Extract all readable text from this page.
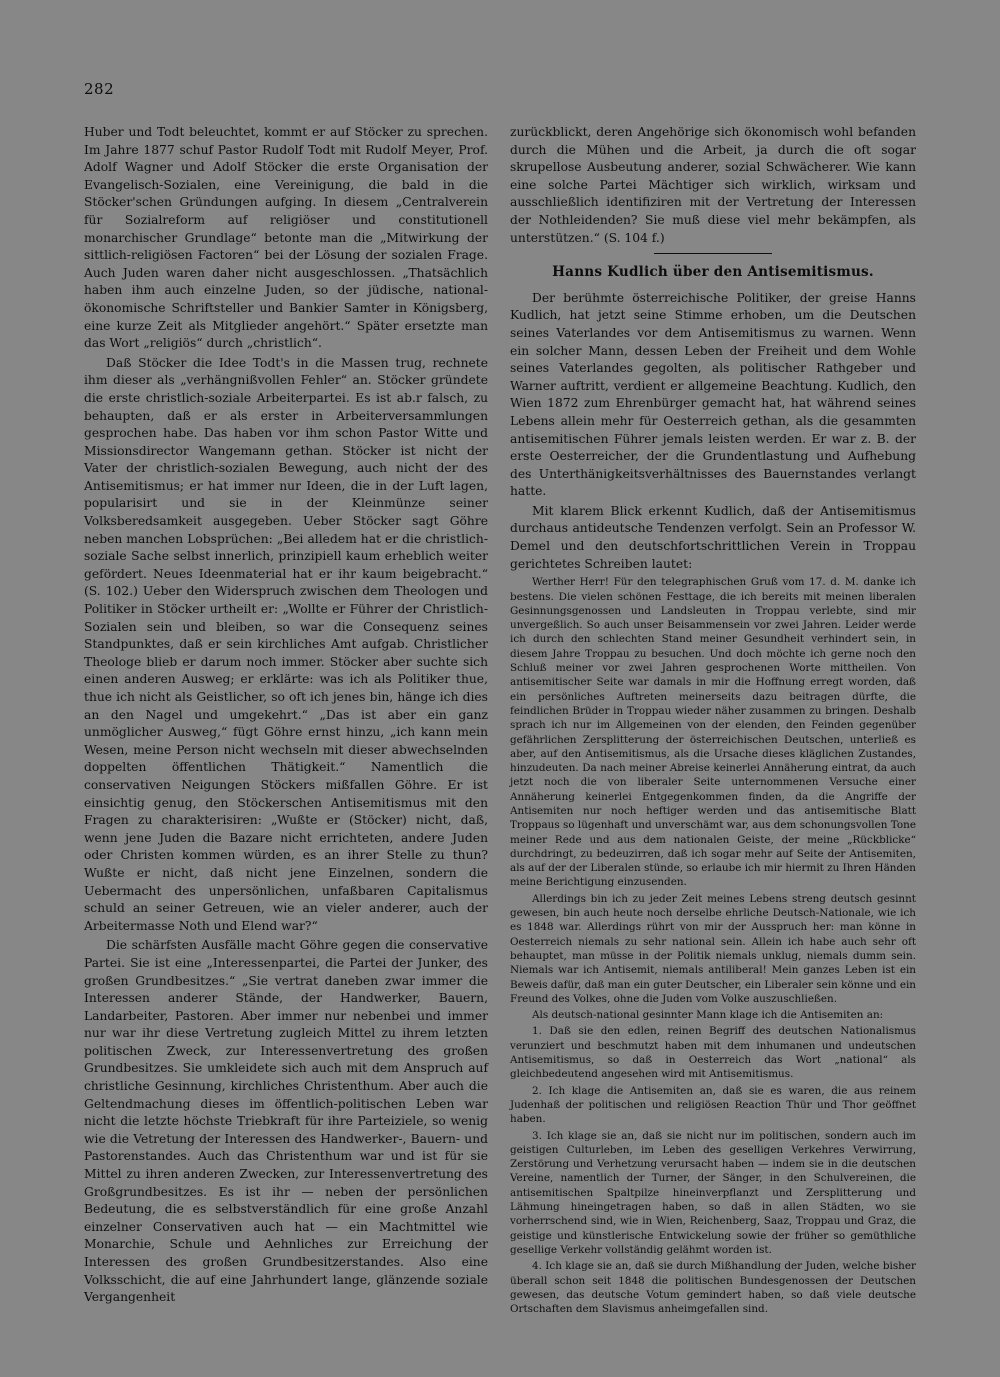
282

Huber und Todt beleuchtet, kommt er auf Stöcker zu sprechen. Im Jahre 1877 schuf Pastor Rudolf Todt mit Rudolf Meyer, Prof. Adolf Wagner und Adolf Stöcker die erste Organisation der Evangelisch-Sozialen, eine Vereinigung, die bald in die Stöcker'schen Gründungen aufging. In diesem „Centralverein für Sozialreform auf religiöser und constitutionell monarchischer Grundlage“ betonte man die „Mitwirkung der sittlich-religiösen Factoren“ bei der Lösung der sozialen Frage. Auch Juden waren daher nicht ausgeschlossen. „Thatsächlich haben ihm auch einzelne Juden, so der jüdische, national-ökonomische Schriftsteller und Bankier Samter in Königsberg, eine kurze Zeit als Mitglieder angehört.“ Später ersetzte man das Wort „religiös“ durch „christlich“.

Daß Stöcker die Idee Todt's in die Massen trug, rechnete ihm dieser als „verhängnißvollen Fehler“ an. Stöcker gründete die erste christlich-soziale Arbeiterpartei. Es ist ab.r falsch, zu behaupten, daß er als erster in Arbeiterversammlungen gesprochen habe. Das haben vor ihm schon Pastor Witte und Missionsdirector Wangemann gethan. Stöcker ist nicht der Vater der christlich-sozialen Bewegung, auch nicht der des Antisemitismus; er hat immer nur Ideen, die in der Luft lagen, popularisirt und sie in der Kleinmünze seiner Volksberedsamkeit ausgegeben. Ueber Stöcker sagt Göhre neben manchen Lobsprüchen: „Bei alledem hat er die christlich-soziale Sache selbst innerlich, prinzipiell kaum erheblich weiter gefördert. Neues Ideenmaterial hat er ihr kaum beigebracht.“ (S. 102.) Ueber den Widerspruch zwischen dem Theologen und Politiker in Stöcker urtheilt er: „Wollte er Führer der Christlich-Sozialen sein und bleiben, so war die Consequenz seines Standpunktes, daß er sein kirchliches Amt aufgab. Christlicher Theologe blieb er darum noch immer. Stöcker aber suchte sich einen anderen Ausweg; er erklärte: was ich als Politiker thue, thue ich nicht als Geistlicher, so oft ich jenes bin, hänge ich dies an den Nagel und umgekehrt.“ „Das ist aber ein ganz unmöglicher Ausweg,“ fügt Göhre ernst hinzu, „ich kann mein Wesen, meine Person nicht wechseln mit dieser abwechselnden doppelten öffentlichen Thätigkeit.“ Namentlich die conservativen Neigungen Stöckers mißfallen Göhre. Er ist einsichtig genug, den Stöckerschen Antisemitismus mit den Fragen zu charakterisiren: „Wußte er (Stöcker) nicht, daß, wenn jene Juden die Bazare nicht errichteten, andere Juden oder Christen kommen würden, es an ihrer Stelle zu thun? Wußte er nicht, daß nicht jene Einzelnen, sondern die Uebermacht des unpersönlichen, unfaßbaren Capitalismus schuld an seiner Getreuen, wie an vieler anderer, auch der Arbeitermasse Noth und Elend war?“

Die schärfsten Ausfälle macht Göhre gegen die conservative Partei. Sie ist eine „Interessenpartei, die Partei der Junker, des großen Grundbesitzes.“ „Sie vertrat daneben zwar immer die Interessen anderer Stände, der Handwerker, Bauern, Landarbeiter, Pastoren. Aber immer nur nebenbei und immer nur war ihr diese Vertretung zugleich Mittel zu ihrem letzten politischen Zweck, zur Interessenvertretung des großen Grundbesitzes. Sie umkleidete sich auch mit dem Anspruch auf christliche Gesinnung, kirchliches Christenthum. Aber auch die Geltendmachung dieses im öffentlich-politischen Leben war nicht die letzte höchste Triebkraft für ihre Parteiziele, so wenig wie die Vetretung der Interessen des Handwerker-, Bauern- und Pastorenstandes. Auch das Christenthum war und ist für sie Mittel zu ihren anderen Zwecken, zur Interessenvertretung des Großgrundbesitzes. Es ist ihr — neben der persönlichen Bedeutung, die es selbstverständlich für eine große Anzahl einzelner Conservativen auch hat — ein Machtmittel wie Monarchie, Schule und Aehnliches zur Erreichung der Interessen des großen Grundbesitzerstandes. Also eine Volksschicht, die auf eine Jahrhundert lange, glänzende soziale Vergangenheit

zurückblickt, deren Angehörige sich ökonomisch wohl befanden durch die Mühen und die Arbeit, ja durch die oft sogar skrupellose Ausbeutung anderer, sozial Schwächerer. Wie kann eine solche Partei Mächtiger sich wirklich, wirksam und ausschließlich identifiziren mit der Vertretung der Interessen der Nothleidenden? Sie muß diese viel mehr bekämpfen, als unterstützen.“ (S. 104 f.)

Hanns Kudlich über den Antisemitismus.

Der berühmte österreichische Politiker, der greise Hanns Kudlich, hat jetzt seine Stimme erhoben, um die Deutschen seines Vaterlandes vor dem Antisemitismus zu warnen. Wenn ein solcher Mann, dessen Leben der Freiheit und dem Wohle seines Vaterlandes gegolten, als politischer Rathgeber und Warner auftritt, verdient er allgemeine Beachtung. Kudlich, den Wien 1872 zum Ehrenbürger gemacht hat, hat während seines Lebens allein mehr für Oesterreich gethan, als die gesammten antisemitischen Führer jemals leisten werden. Er war z. B. der erste Oesterreicher, der die Grundentlastung und Aufhebung des Unterthänigkeitsverhältnisses des Bauernstandes verlangt hatte.

Mit klarem Blick erkennt Kudlich, daß der Antisemitismus durchaus antideutsche Tendenzen verfolgt. Sein an Professor W. Demel und den deutschfortschrittlichen Verein in Troppau gerichtetes Schreiben lautet:

Werther Herr! Für den telegraphischen Gruß vom 17. d. M. danke ich bestens. Die vielen schönen Festtage, die ich bereits mit meinen liberalen Gesinnungsgenossen und Landsleuten in Troppau verlebte, sind mir unvergeßlich. So auch unser Beisammensein vor zwei Jahren. Leider werde ich durch den schlechten Stand meiner Gesundheit verhindert sein, in diesem Jahre Troppau zu besuchen. Und doch möchte ich gerne noch den Schluß meiner vor zwei Jahren gesprochenen Worte mittheilen. Von antisemitischer Seite war damals in mir die Hoffnung erregt worden, daß ein persönliches Auftreten meinerseits dazu beitragen dürfte, die feindlichen Brüder in Troppau wieder näher zusammen zu bringen. Deshalb sprach ich nur im Allgemeinen von der elenden, den Feinden gegenüber gefährlichen Zersplitterung der österreichischen Deutschen, unterließ es aber, auf den Antisemitismus, als die Ursache dieses kläglichen Zustandes, hinzudeuten. Da nach meiner Abreise keinerlei Annäherung eintrat, da auch jetzt noch die von liberaler Seite unternommenen Versuche einer Annäherung keinerlei Entgegenkommen finden, da die Angriffe der Antisemiten nur noch heftiger werden und das antisemitische Blatt Troppaus so lügenhaft und unverschämt war, aus dem schonungsvollen Tone meiner Rede und aus dem nationalen Geiste, der meine „Rückblicke“ durchdringt, zu bedeuzirren, daß ich sogar mehr auf Seite der Antisemiten, als auf der der Liberalen stünde, so erlaube ich mir hiermit zu Ihren Händen meine Berichtigung einzusenden.

Allerdings bin ich zu jeder Zeit meines Lebens streng deutsch gesinnt gewesen, bin auch heute noch derselbe ehrliche Deutsch-Nationale, wie ich es 1848 war. Allerdings rührt von mir der Ausspruch her: man könne in Oesterreich niemals zu sehr national sein. Allein ich habe auch sehr oft behauptet, man müsse in der Politik niemals unklug, niemals dumm sein. Niemals war ich Antisemit, niemals antiliberal! Mein ganzes Leben ist ein Beweis dafür, daß man ein guter Deutscher, ein Liberaler sein könne und ein Freund des Volkes, ohne die Juden vom Volke auszuschließen.

Als deutsch-national gesinnter Mann klage ich die Antisemiten an:

1. Daß sie den edlen, reinen Begriff des deutschen Nationalismus verunziert und beschmutzt haben mit dem inhumanen und undeutschen Antisemitismus, so daß in Oesterreich das Wort „national“ als gleichbedeutend angesehen wird mit Antisemitismus.

2. Ich klage die Antisemiten an, daß sie es waren, die aus reinem Judenhaß der politischen und religiösen Reaction Thür und Thor geöffnet haben.

3. Ich klage sie an, daß sie nicht nur im politischen, sondern auch im geistigen Culturleben, im Leben des geselligen Verkehres Verwirrung, Zerstörung und Verhetzung verursacht haben — indem sie in die deutschen Vereine, namentlich der Turner, der Sänger, in den Schulvereinen, die antisemitischen Spaltpilze hineinverpflanzt und Zersplitterung und Lähmung hineingetragen haben, so daß in allen Städten, wo sie vorherrschend sind, wie in Wien, Reichenberg, Saaz, Troppau und Graz, die geistige und künstlerische Entwickelung sowie der früher so gemüthliche gesellige Verkehr vollständig gelähmt worden ist.

4. Ich klage sie an, daß sie durch Mißhandlung der Juden, welche bisher überall schon seit 1848 die politischen Bundesgenossen der Deutschen gewesen, das deutsche Votum gemindert haben, so daß viele deutsche Ortschaften dem Slavismus anheimgefallen sind.
